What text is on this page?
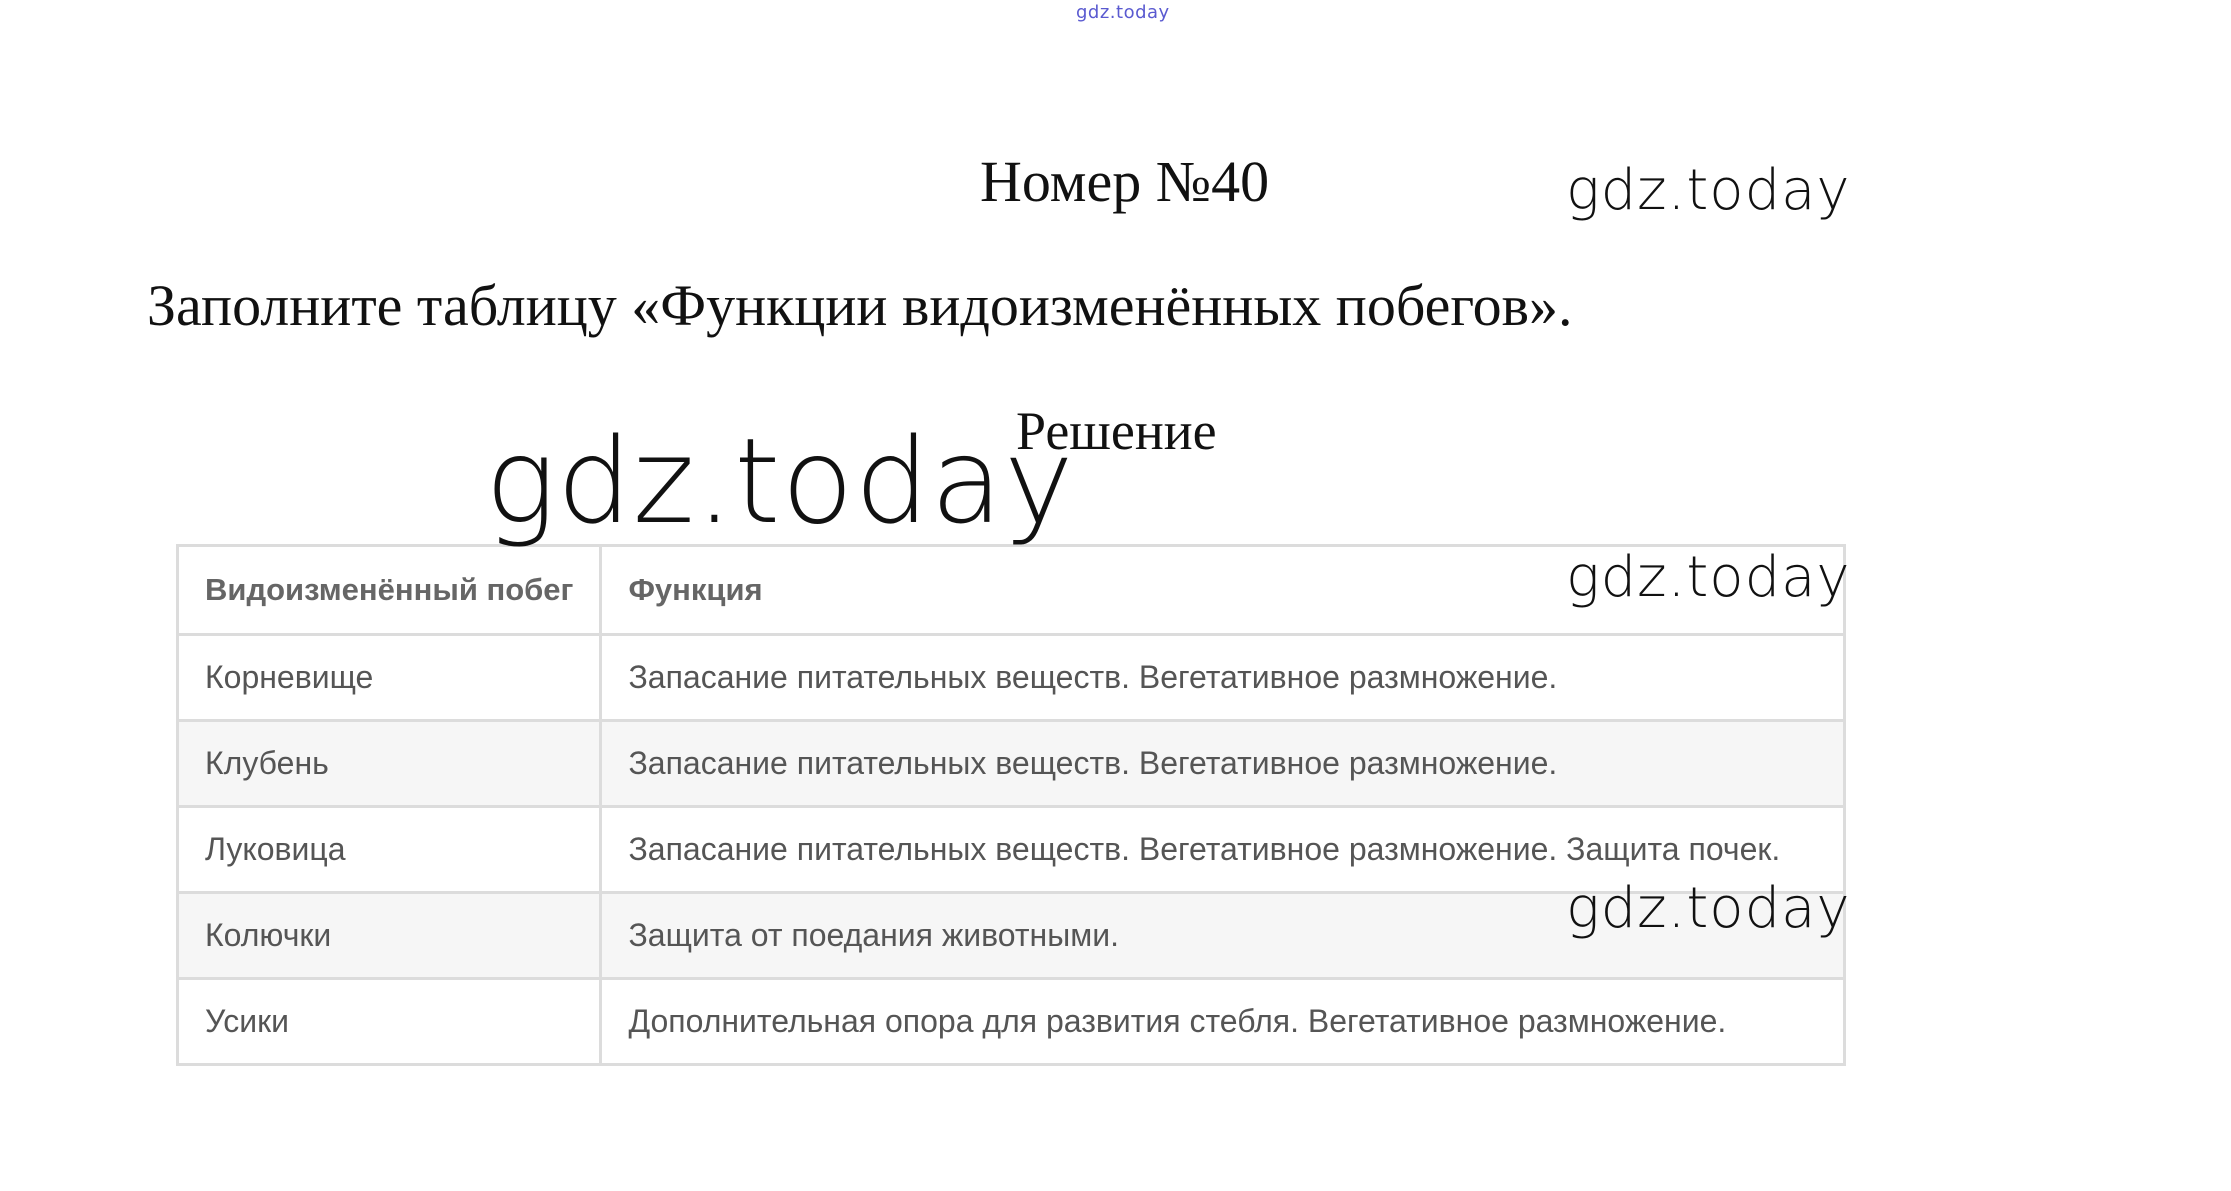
gdz.today
Номер №40	gdz.today
Заполните таблицу «Функции видоизменённых побегов».
gdz.today
Решение
Видоизменённый побег	Функция
Корневище	Запасание питательных веществ. Вегетативное размножение.
Клубень	Запасание питательных веществ. Вегетативное размножение.
Луковица	Запасание питательных веществ. Вегетативное размножение. Защита почек.
Колючки	Защита от поедания животными.
Усики	Дополнительная опора для развития стебля. Вегетативное размножение.
gdz.today
gdz.today
